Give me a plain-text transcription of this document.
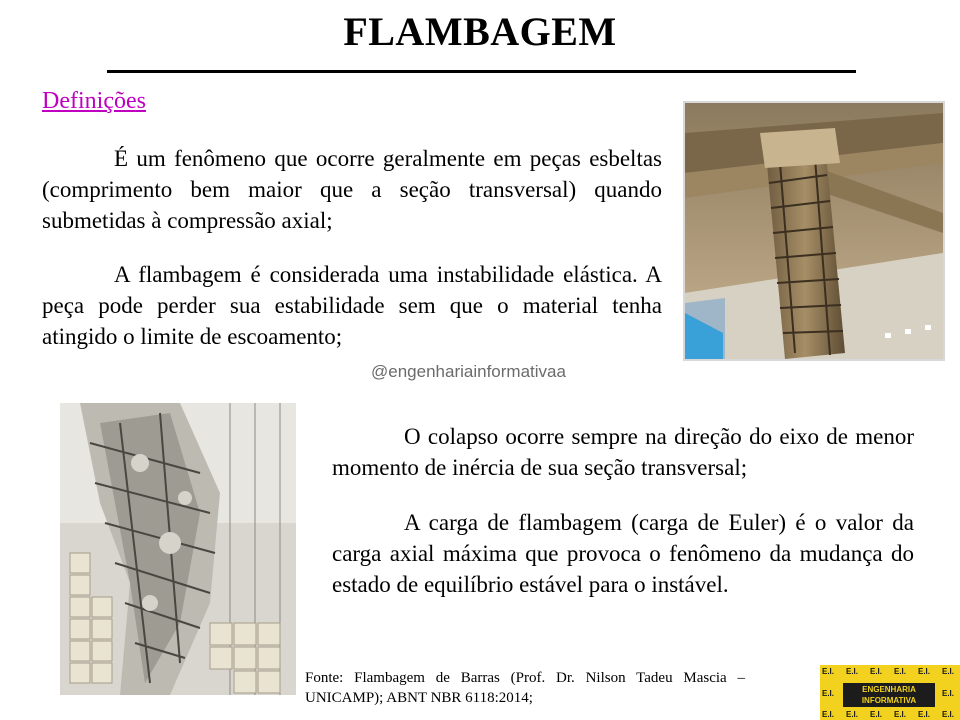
FLAMBAGEM
Definições

É um fenômeno que ocorre geralmente em peças esbeltas (comprimento bem maior que a seção transversal) quando submetidas à compressão axial;

A flambagem é considerada uma instabilidade elástica. A peça pode perder sua estabilidade sem que o material tenha atingido o limite de escoamento;

@engenhariainformativaa

O colapso ocorre sempre na direção do eixo de menor momento de inércia de sua seção transversal;

A carga de flambagem (carga de Euler) é o valor da carga axial máxima que provoca o fenômeno da mudança do estado de equilíbrio estável para o instável.

Fonte: Flambagem de Barras (Prof. Dr. Nilson Tadeu Mascia – UNICAMP); ABNT NBR 6118:2014;

E.I. E.I. E.I. E.I. E.I. E.I.
E.I.	E.I.
E.I. E.I. E.I. E.I. E.I. E.I.
ENGENHARIA
INFORMATIVA
